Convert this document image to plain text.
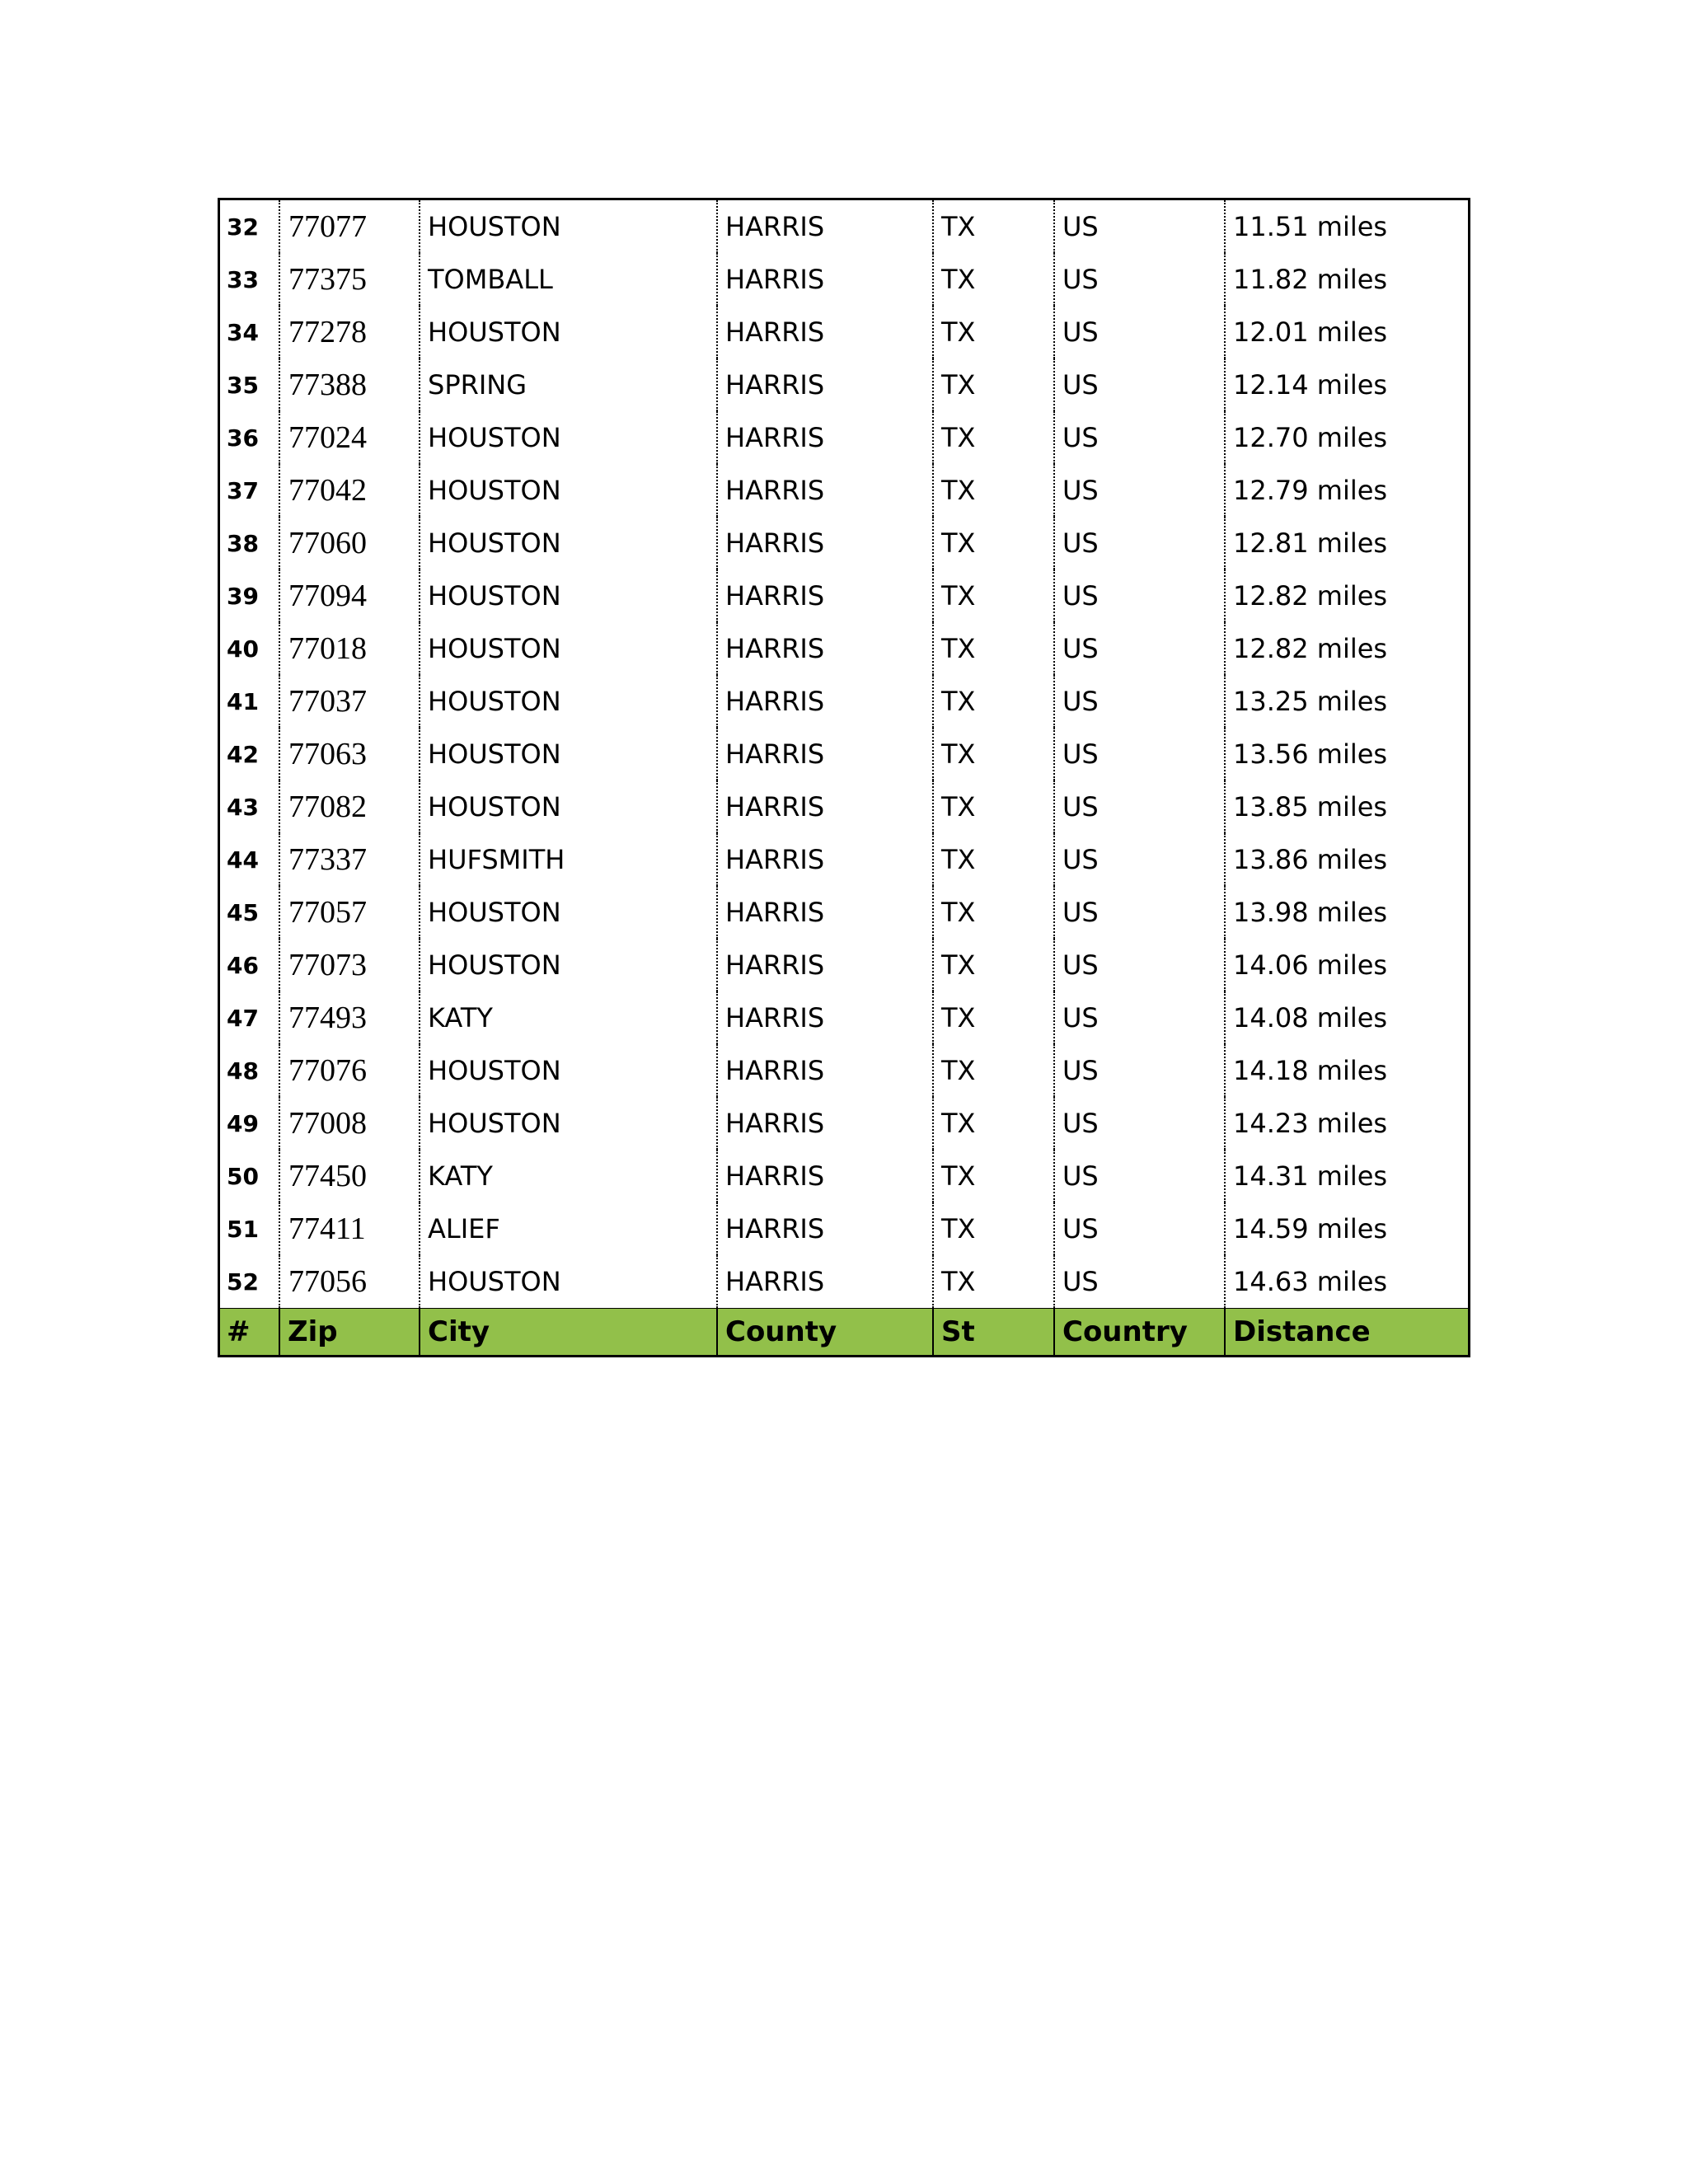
32	77077	HOUSTON	HARRIS	TX	US	11.51 miles
33	77375	TOMBALL	HARRIS	TX	US	11.82 miles
34	77278	HOUSTON	HARRIS	TX	US	12.01 miles
35	77388	SPRING	HARRIS	TX	US	12.14 miles
36	77024	HOUSTON	HARRIS	TX	US	12.70 miles
37	77042	HOUSTON	HARRIS	TX	US	12.79 miles
38	77060	HOUSTON	HARRIS	TX	US	12.81 miles
39	77094	HOUSTON	HARRIS	TX	US	12.82 miles
40	77018	HOUSTON	HARRIS	TX	US	12.82 miles
41	77037	HOUSTON	HARRIS	TX	US	13.25 miles
42	77063	HOUSTON	HARRIS	TX	US	13.56 miles
43	77082	HOUSTON	HARRIS	TX	US	13.85 miles
44	77337	HUFSMITH	HARRIS	TX	US	13.86 miles
45	77057	HOUSTON	HARRIS	TX	US	13.98 miles
46	77073	HOUSTON	HARRIS	TX	US	14.06 miles
47	77493	KATY	HARRIS	TX	US	14.08 miles
48	77076	HOUSTON	HARRIS	TX	US	14.18 miles
49	77008	HOUSTON	HARRIS	TX	US	14.23 miles
50	77450	KATY	HARRIS	TX	US	14.31 miles
51	77411	ALIEF	HARRIS	TX	US	14.59 miles
52	77056	HOUSTON	HARRIS	TX	US	14.63 miles
#	Zip	City	County	St	Country	Distance
